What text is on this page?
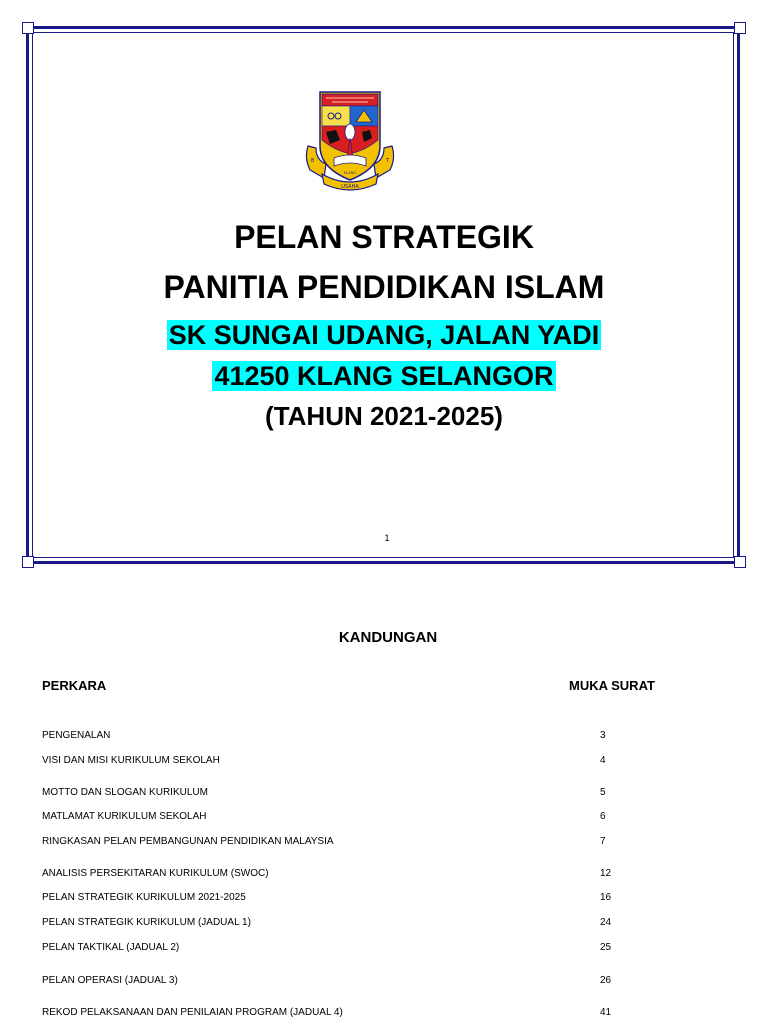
B	T
USAHA
KLANG
PELAN STRATEGIK
PANITIA PENDIDIKAN ISLAM
SK SUNGAI UDANG, JALAN YADI
41250 KLANG SELANGOR
(TAHUN 2021-2025)
1
KANDUNGAN
PERKARA	MUKA SURAT
PENGENALAN	3
VISI DAN MISI KURIKULUM SEKOLAH	4
MOTTO DAN SLOGAN KURIKULUM	5
MATLAMAT KURIKULUM SEKOLAH	6
RINGKASAN PELAN PEMBANGUNAN PENDIDIKAN MALAYSIA	7
ANALISIS PERSEKITARAN KURIKULUM (SWOC)	12
PELAN STRATEGIK KURIKULUM 2021-2025	16
PELAN STRATEGIK KURIKULUM (JADUAL 1)	24
PELAN TAKTIKAL (JADUAL 2)	25
PELAN OPERASI (JADUAL 3)	26
REKOD PELAKSANAAN DAN PENILAIAN PROGRAM (JADUAL 4)	41
